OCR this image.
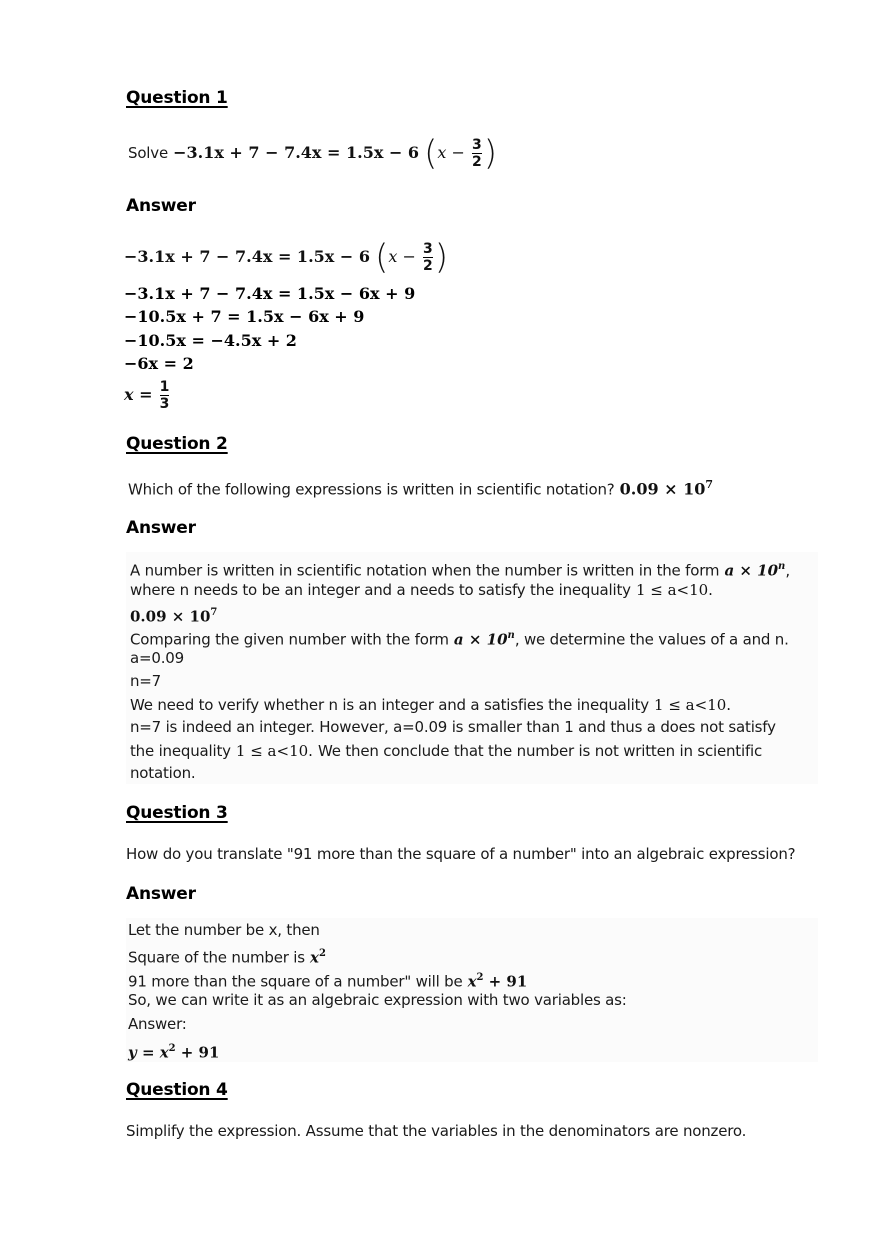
Question 1
Solve −3.1x + 7 − 7.4x = 1.5x − 6 ($x - \frac{3}{2}$ )
Answer
−3.1x + 7 − 7.4x = 1.5x − 6 ($x - \frac{3}{2}$ )
−3.1x + 7 − 7.4x = 1.5x − 6x + 9
−10.5x + 7 = 1.5x − 6x + 9
−10.5x = −4.5x + 2
−6x = 2
$x = \frac{1}{3}$
Question 2
Which of the following expressions is written in scientific notation? $0.09 \times 10^7$
Answer
A number is written in scientific notation when the number is written in the form $a \times 10^n$,
where n needs to be an integer and a needs to satisfy the inequality 1 ≤ a<10.
$0.09 \times 10^7$
Comparing the given number with the form $a \times 10^n$, we determine the values of a and n.
a=0.09
n=7
We need to verify whether n is an integer and a satisfies the inequality 1 ≤ a<10.
n=7 is indeed an integer. However, a=0.09 is smaller than 1 and thus a does not satisfy
the inequality 1 ≤ a<10. We then conclude that the number is not written in scientific
notation.
Question 3
How do you translate "91 more than the square of a number" into an algebraic expression?
Answer
Let the number be x, then
Square of the number is $x^2$
91 more than the square of a number" will be $x^2 + 91$
So, we can write it as an algebraic expression with two variables as:
Answer:
$y = x^2 + 91$
Question 4
Simplify the expression. Assume that the variables in the denominators are nonzero.
